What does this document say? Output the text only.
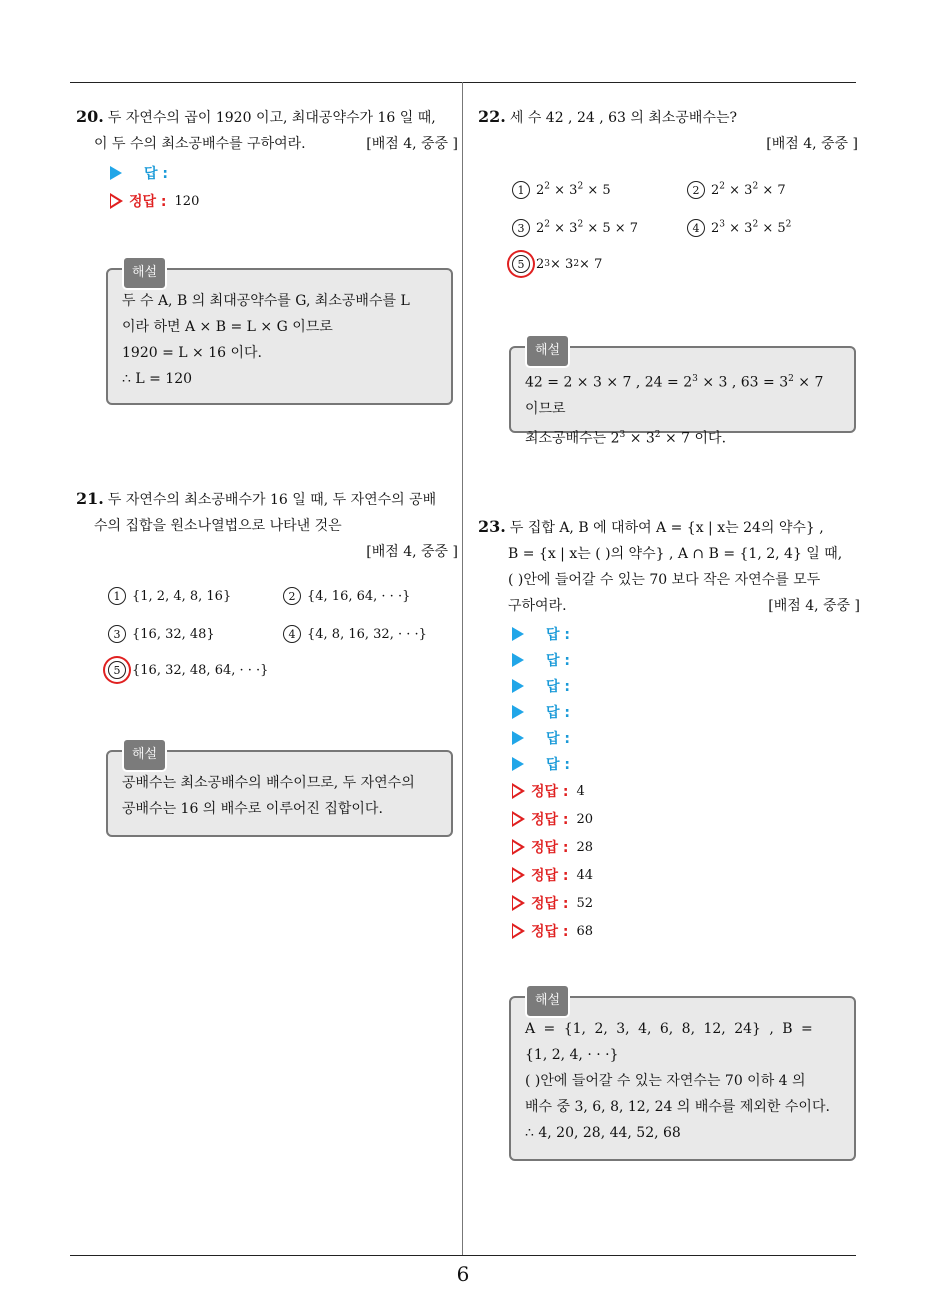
20. 두 자연수의 곱이 1920 이고, 최대공약수가 16 일 때,
이 두 수의 최소공배수를 구하여라.	[배점 4, 중중 ]
답 :
정답 : 120
해설
두 수 A, B 의 최대공약수를 G, 최소공배수를 L
이라 하면 A × B = L × G 이므로
1920 = L × 16 이다.
∴ L = 120
21. 두 자연수의 최소공배수가 16 일 때, 두 자연수의 공배
수의 집합을 원소나열법으로 나타낸 것은
[배점 4, 중중 ]
1 {1, 2, 4, 8, 16}	2 {4, 16, 64, · · ·}
3 {16, 32, 48}	4 {4, 8, 16, 32, · · ·}
5 {16, 32, 48, 64, · · ·}
해설
공배수는 최소공배수의 배수이므로, 두 자연수의
공배수는 16 의 배수로 이루어진 집합이다.
22. 세 수 42 , 24 , 63 의 최소공배수는?
[배점 4, 중중 ]
1 $2^2 \times 3^2 \times 5$	2 $2^2 \times 3^2 \times 7$
3 $2^2 \times 3^2 \times 5 \times 7$	4 $2^3 \times 3^2 \times 5^2$
5 2 3 × 3 2 × 7
해설
42 = 2 × 3 × 7 , $24 = 2^3 \times 3$ , $63 = 3^2 \times 7$ 이므로
최소공배수는 $2^3 \times 3^2 \times 7$ 이다.
23. 두 집합 A, B 에 대하여 A = {x | x는 24의 약수} ,
B = {x | x는 ( )의 약수} , A ∩ B = {1, 2, 4} 일 때,
( )안에 들어갈 수 있는 70 보다 작은 자연수를 모두
구하여라.	[배점 4, 중중 ]
답 :
답 :
답 :
답 :
답 :
답 :
정답 : 4
정답 : 20
정답 : 28
정답 : 44
정답 : 52
정답 : 68
해설
A = {1, 2, 3, 4, 6, 8, 12, 24} , B =
{1, 2, 4, · · ·}
( )안에 들어갈 수 있는 자연수는 70 이하 4 의
배수 중 3, 6, 8, 12, 24 의 배수를 제외한 수이다.
∴ 4, 20, 28, 44, 52, 68
6
